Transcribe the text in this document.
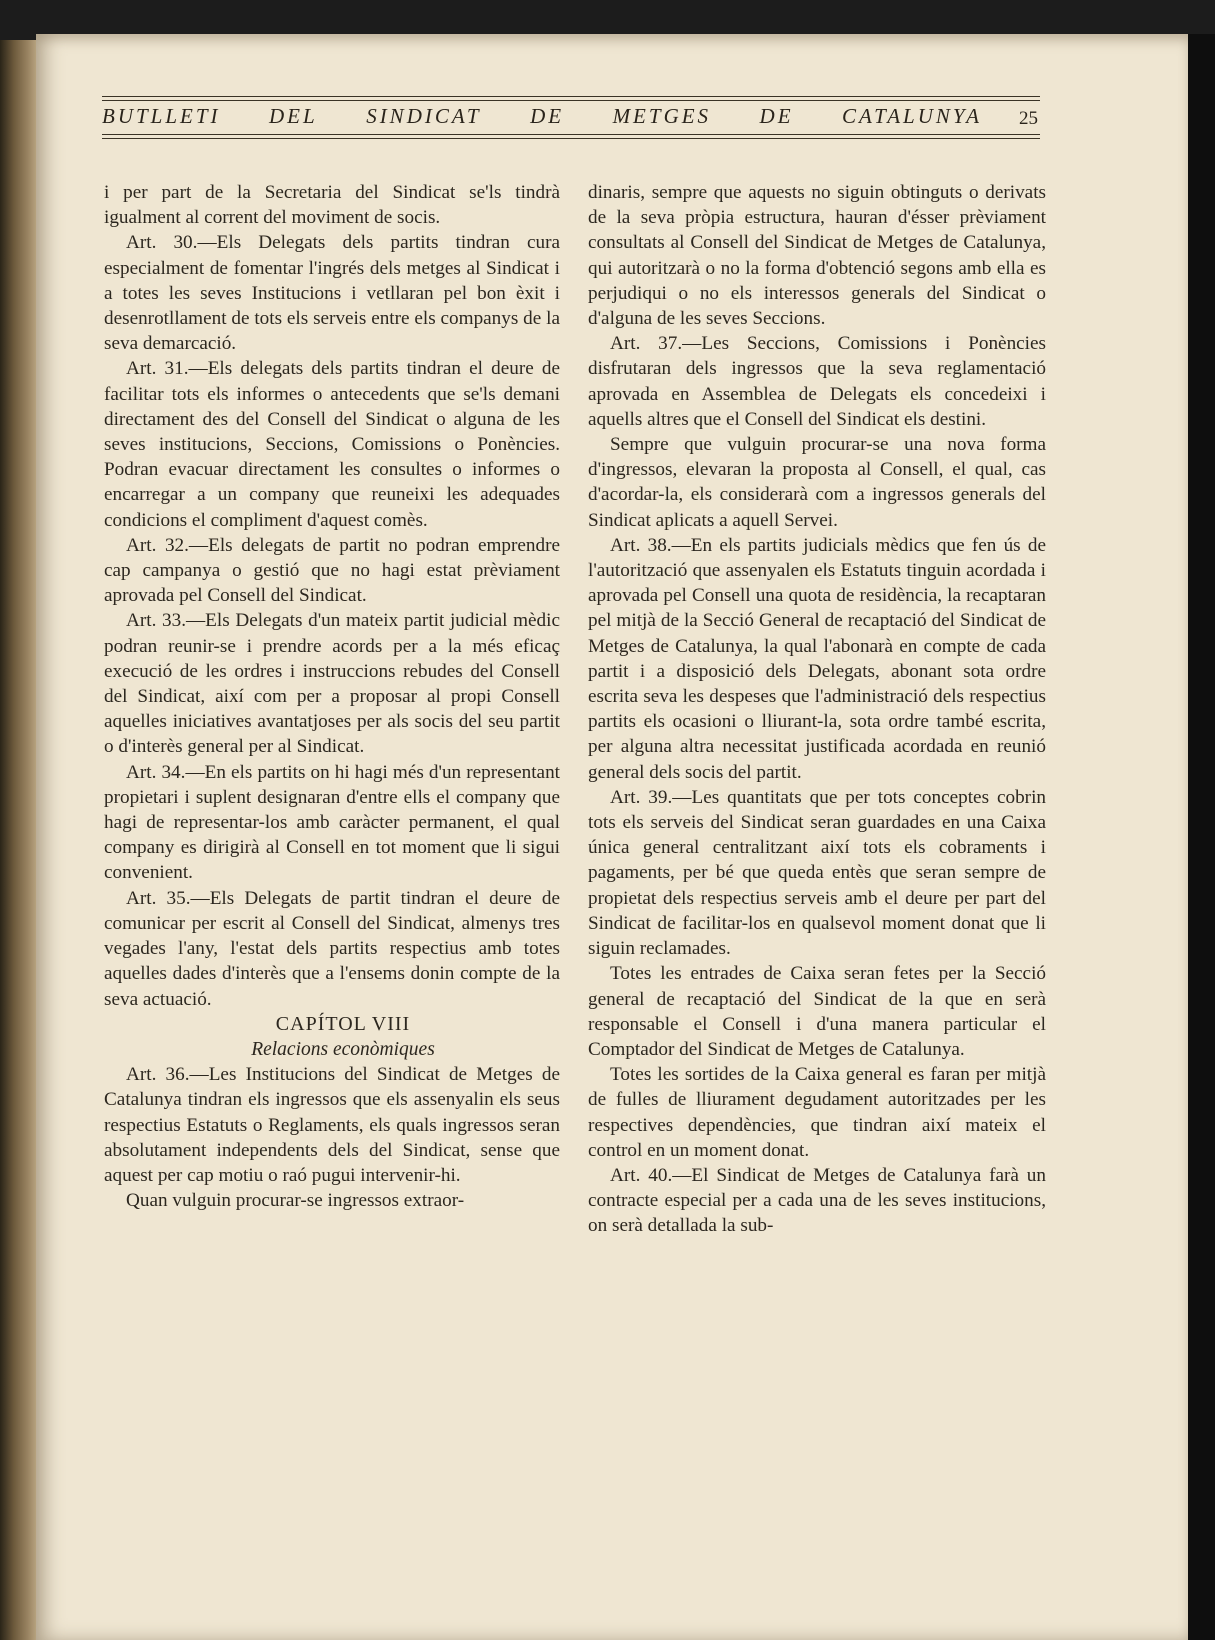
BUTLLETI DEL SINDICAT DE METGES DE CATALUNYA 25

i per part de la Secretaria del Sindicat se'ls tindrà igualment al corrent del moviment de socis.

Art. 30.—Els Delegats dels partits tindran cura especialment de fomentar l'ingrés dels metges al Sindicat i a totes les seves Institucions i vetllaran pel bon èxit i desenrotllament de tots els serveis entre els companys de la seva demarcació.

Art. 31.—Els delegats dels partits tindran el deure de facilitar tots els informes o antecedents que se'ls demani directament des del Consell del Sindicat o alguna de les seves institucions, Seccions, Comissions o Ponències. Podran evacuar directament les consultes o informes o encarregar a un company que reuneixi les adequades condicions el compliment d'aquest comès.

Art. 32.—Els delegats de partit no podran emprendre cap campanya o gestió que no hagi estat prèviament aprovada pel Consell del Sindicat.

Art. 33.—Els Delegats d'un mateix partit judicial mèdic podran reunir-se i prendre acords per a la més eficaç execució de les ordres i instruccions rebudes del Consell del Sindicat, així com per a proposar al propi Consell aquelles iniciatives avantatjoses per als socis del seu partit o d'interès general per al Sindicat.

Art. 34.—En els partits on hi hagi més d'un representant propietari i suplent designaran d'entre ells el company que hagi de representar-los amb caràcter permanent, el qual company es dirigirà al Consell en tot moment que li sigui convenient.

Art. 35.—Els Delegats de partit tindran el deure de comunicar per escrit al Consell del Sindicat, almenys tres vegades l'any, l'estat dels partits respectius amb totes aquelles dades d'interès que a l'ensems donin compte de la seva actuació.

CAPÍTOL VIII

Relacions econòmiques

Art. 36.—Les Institucions del Sindicat de Metges de Catalunya tindran els ingressos que els assenyalin els seus respectius Estatuts o Reglaments, els quals ingressos seran absolutament independents dels del Sindicat, sense que aquest per cap motiu o raó pugui intervenir-hi.

Quan vulguin procurar-se ingressos extraor-

dinaris, sempre que aquests no siguin obtinguts o derivats de la seva pròpia estructura, hauran d'ésser prèviament consultats al Consell del Sindicat de Metges de Catalunya, qui autoritzarà o no la forma d'obtenció segons amb ella es perjudiqui o no els interessos generals del Sindicat o d'alguna de les seves Seccions.

Art. 37.—Les Seccions, Comissions i Ponències disfrutaran dels ingressos que la seva reglamentació aprovada en Assemblea de Delegats els concedeixi i aquells altres que el Consell del Sindicat els destini.

Sempre que vulguin procurar-se una nova forma d'ingressos, elevaran la proposta al Consell, el qual, cas d'acordar-la, els considerarà com a ingressos generals del Sindicat aplicats a aquell Servei.

Art. 38.—En els partits judicials mèdics que fen ús de l'autorització que assenyalen els Estatuts tinguin acordada i aprovada pel Consell una quota de residència, la recaptaran pel mitjà de la Secció General de recaptació del Sindicat de Metges de Catalunya, la qual l'abonarà en compte de cada partit i a disposició dels Delegats, abonant sota ordre escrita seva les despeses que l'administració dels respectius partits els ocasioni o lliurant-la, sota ordre també escrita, per alguna altra necessitat justificada acordada en reunió general dels socis del partit.

Art. 39.—Les quantitats que per tots conceptes cobrin tots els serveis del Sindicat seran guardades en una Caixa única general centralitzant així tots els cobraments i pagaments, per bé que queda entès que seran sempre de propietat dels respectius serveis amb el deure per part del Sindicat de facilitar-los en qualsevol moment donat que li siguin reclamades.

Totes les entrades de Caixa seran fetes per la Secció general de recaptació del Sindicat de la que en serà responsable el Consell i d'una manera particular el Comptador del Sindicat de Metges de Catalunya.

Totes les sortides de la Caixa general es faran per mitjà de fulles de lliurament degudament autoritzades per les respectives dependències, que tindran així mateix el control en un moment donat.

Art. 40.—El Sindicat de Metges de Catalunya farà un contracte especial per a cada una de les seves institucions, on serà detallada la sub-
